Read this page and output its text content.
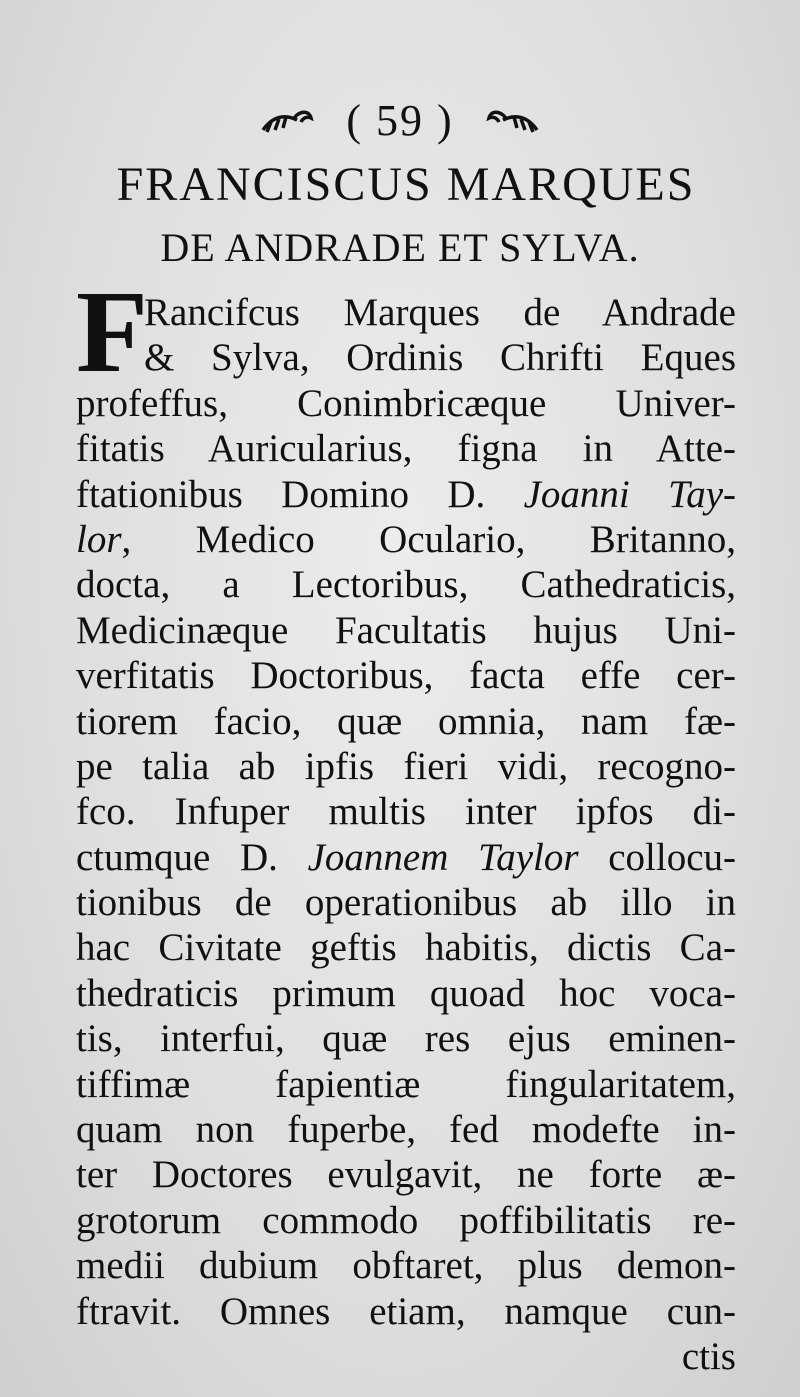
( 59 )
FRANCISCUS MARQUES
DE ANDRADE ET SYLVA.
F
Rancifcus Marques de Andrade
& Sylva, Ordinis Chrifti Eques
profeffus, Conimbricæque Univer-
fitatis Auricularius, figna in Atte-
ftationibus Domino D. Joanni Tay-
lor, Medico Oculario, Britanno,
docta, a Lectoribus, Cathedraticis,
Medicinæque Facultatis hujus Uni-
verfitatis Doctoribus, facta effe cer-
tiorem facio, quæ omnia, nam fæ-
pe talia ab ipfis fieri vidi, recogno-
fco. Infuper multis inter ipfos di-
ctumque D. Joannem Taylor collocu-
tionibus de operationibus ab illo in
hac Civitate geftis habitis, dictis Ca-
thedraticis primum quoad hoc voca-
tis, interfui, quæ res ejus eminen-
tiffimæ fapientiæ fingularitatem,
quam non fuperbe, fed modefte in-
ter Doctores evulgavit, ne forte æ-
grotorum commodo poffibilitatis re-
medii dubium obftaret, plus demon-
ftravit. Omnes etiam, namque cun-
ctis
